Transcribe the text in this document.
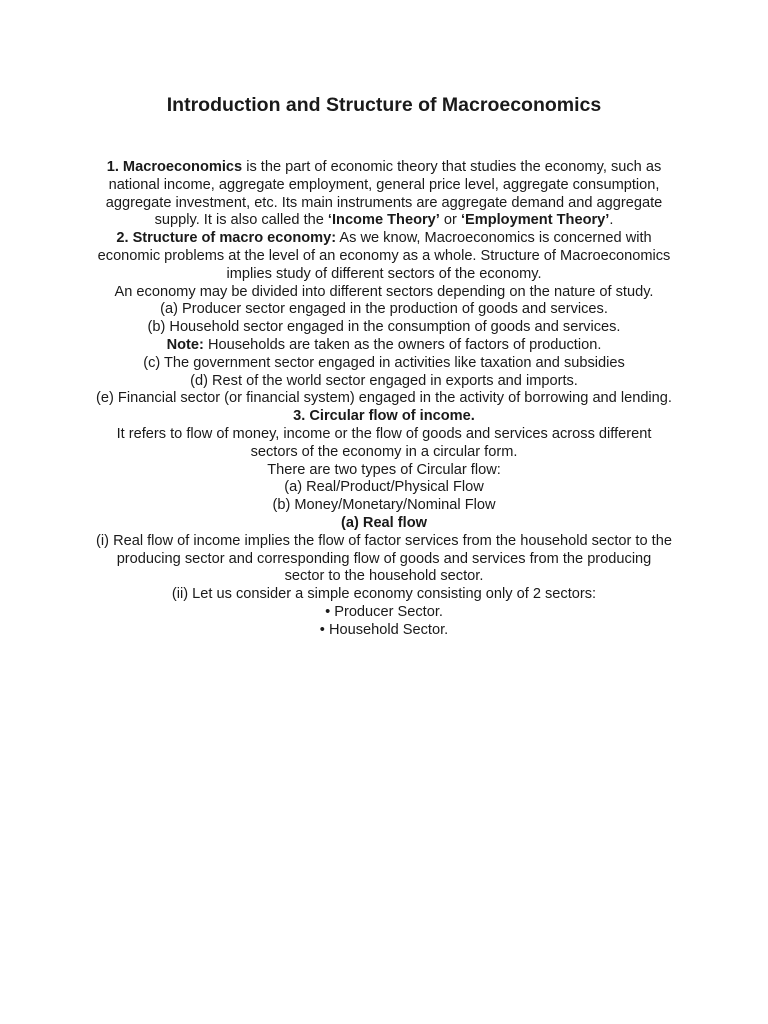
Introduction and Structure of Macroeconomics

1. Macroeconomics is the part of economic theory that studies the economy, such as national income, aggregate employment, general price level, aggregate consumption, aggregate investment, etc. Its main instruments are aggregate demand and aggregate supply. It is also called the ‘Income Theory’ or ‘Employment Theory’.

2. Structure of macro economy: As we know, Macroeconomics is concerned with economic problems at the level of an economy as a whole. Structure of Macroeconomics implies study of different sectors of the economy.

An economy may be divided into different sectors depending on the nature of study.

(a) Producer sector engaged in the production of goods and services.

(b) Household sector engaged in the consumption of goods and services.

Note: Households are taken as the owners of factors of production.

(c) The government sector engaged in activities like taxation and subsidies

(d) Rest of the world sector engaged in exports and imports.

(e) Financial sector (or financial system) engaged in the activity of borrowing and lending.

3. Circular flow of income.

It refers to flow of money, income or the flow of goods and services across different sectors of the economy in a circular form.

There are two types of Circular flow:

(a) Real/Product/Physical Flow

(b) Money/Monetary/Nominal Flow

(a) Real flow

(i) Real flow of income implies the flow of factor services from the household sector to the producing sector and corresponding flow of goods and services from the producing sector to the household sector.

(ii) Let us consider a simple economy consisting only of 2 sectors:

• Producer Sector.

• Household Sector.
